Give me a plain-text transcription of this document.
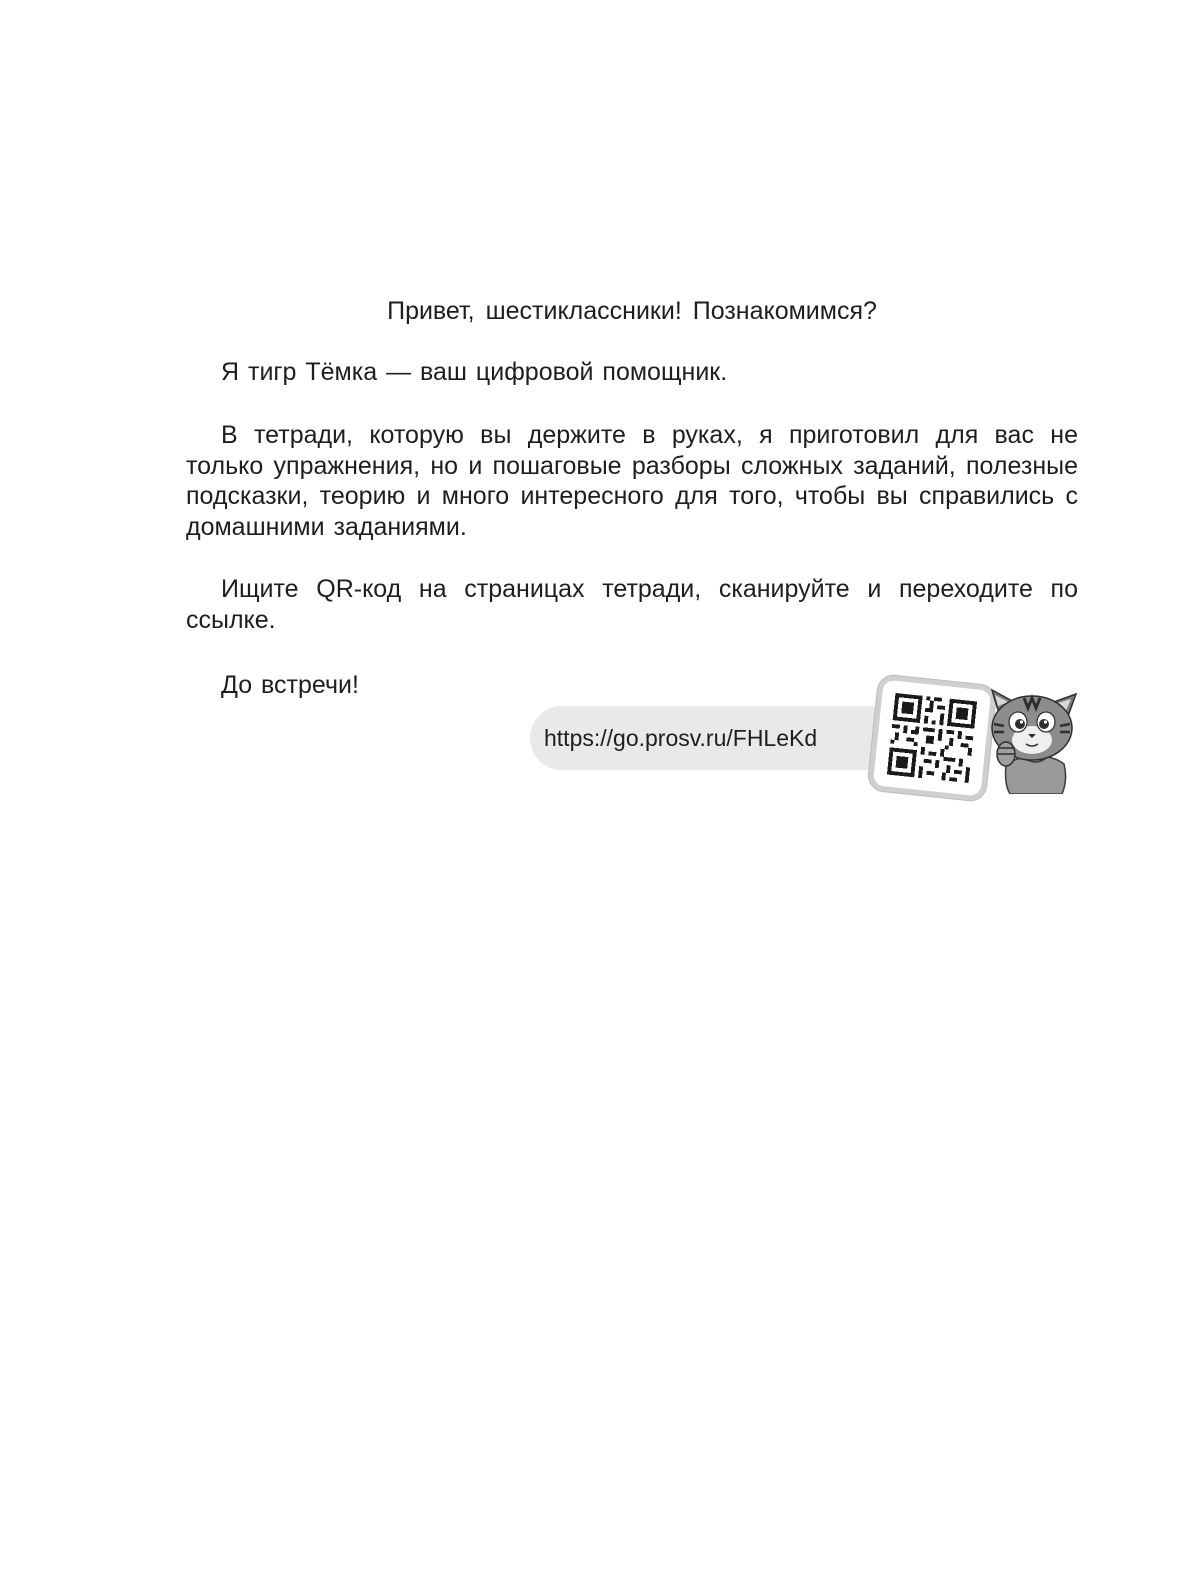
Привет, шестиклассники! Познакомимся?

Я тигр Тёмка — ваш цифровой помощник.

В тетради, которую вы держите в руках, я приготовил для вас не только упражнения, но и пошаговые разборы сложных заданий, полезные подсказки, теорию и много интересного для того, чтобы вы справились с домашними заданиями.

Ищите QR-код на страницах тетради, сканируйте и переходите по ссылке.

До встречи!

https://go.prosv.ru/FHLeKd
